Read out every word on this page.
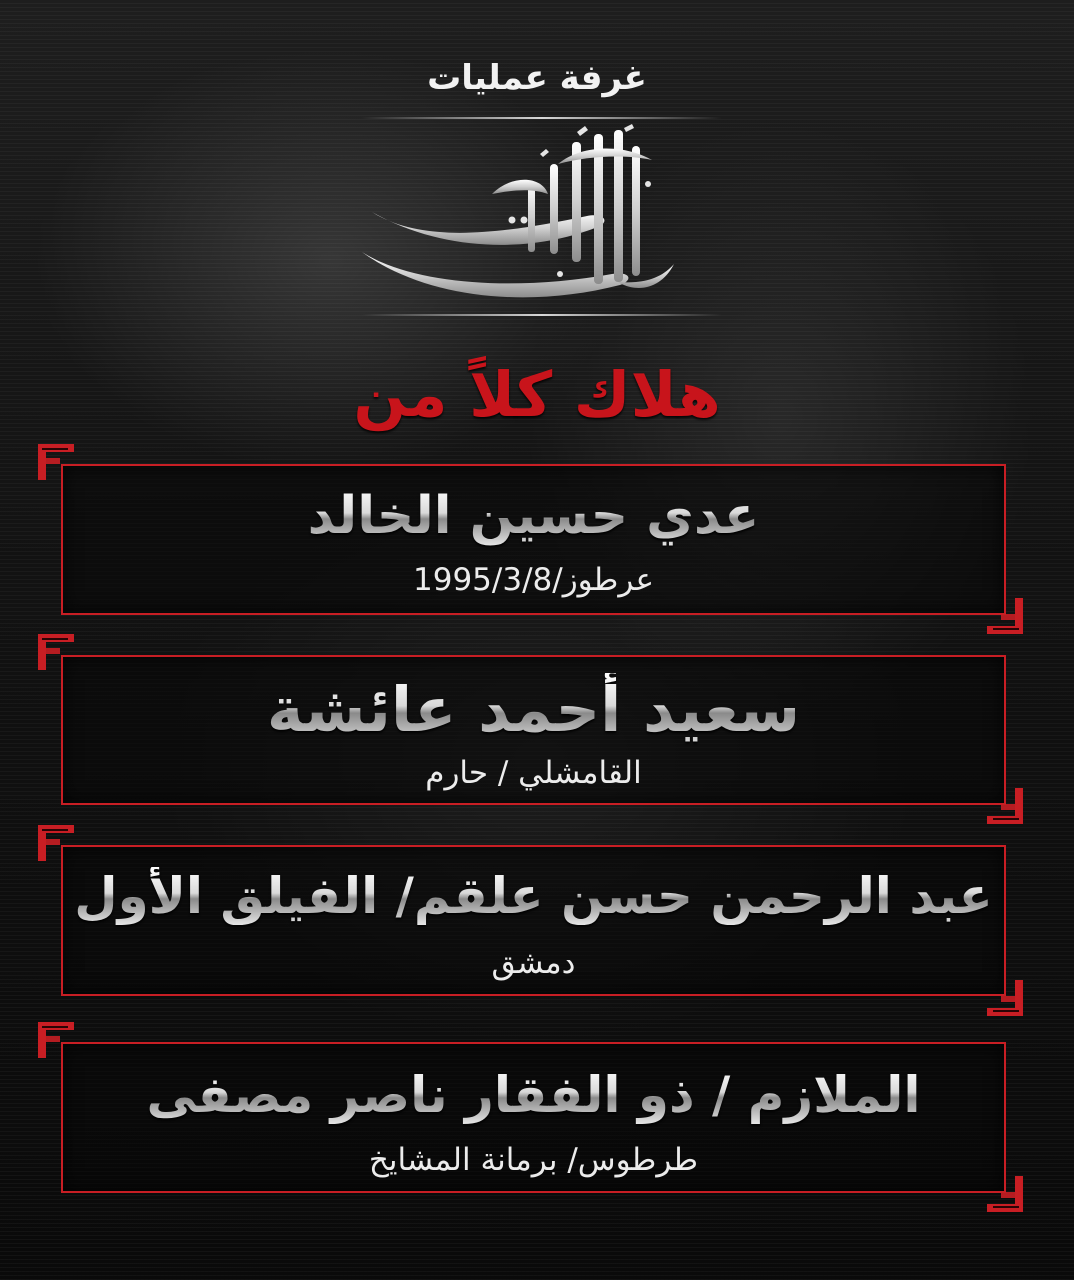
غرفة عمليات
هلاك كلاً من
عدي حسين الخالد
عرطوز/1995/3/8
سعيد أحمد عائشة
القامشلي / حارم
عبد الرحمن حسن علقم/ الفيلق الأول
دمشق
الملازم / ذو الفقار ناصر مصفى
طرطوس/ برمانة المشايخ
